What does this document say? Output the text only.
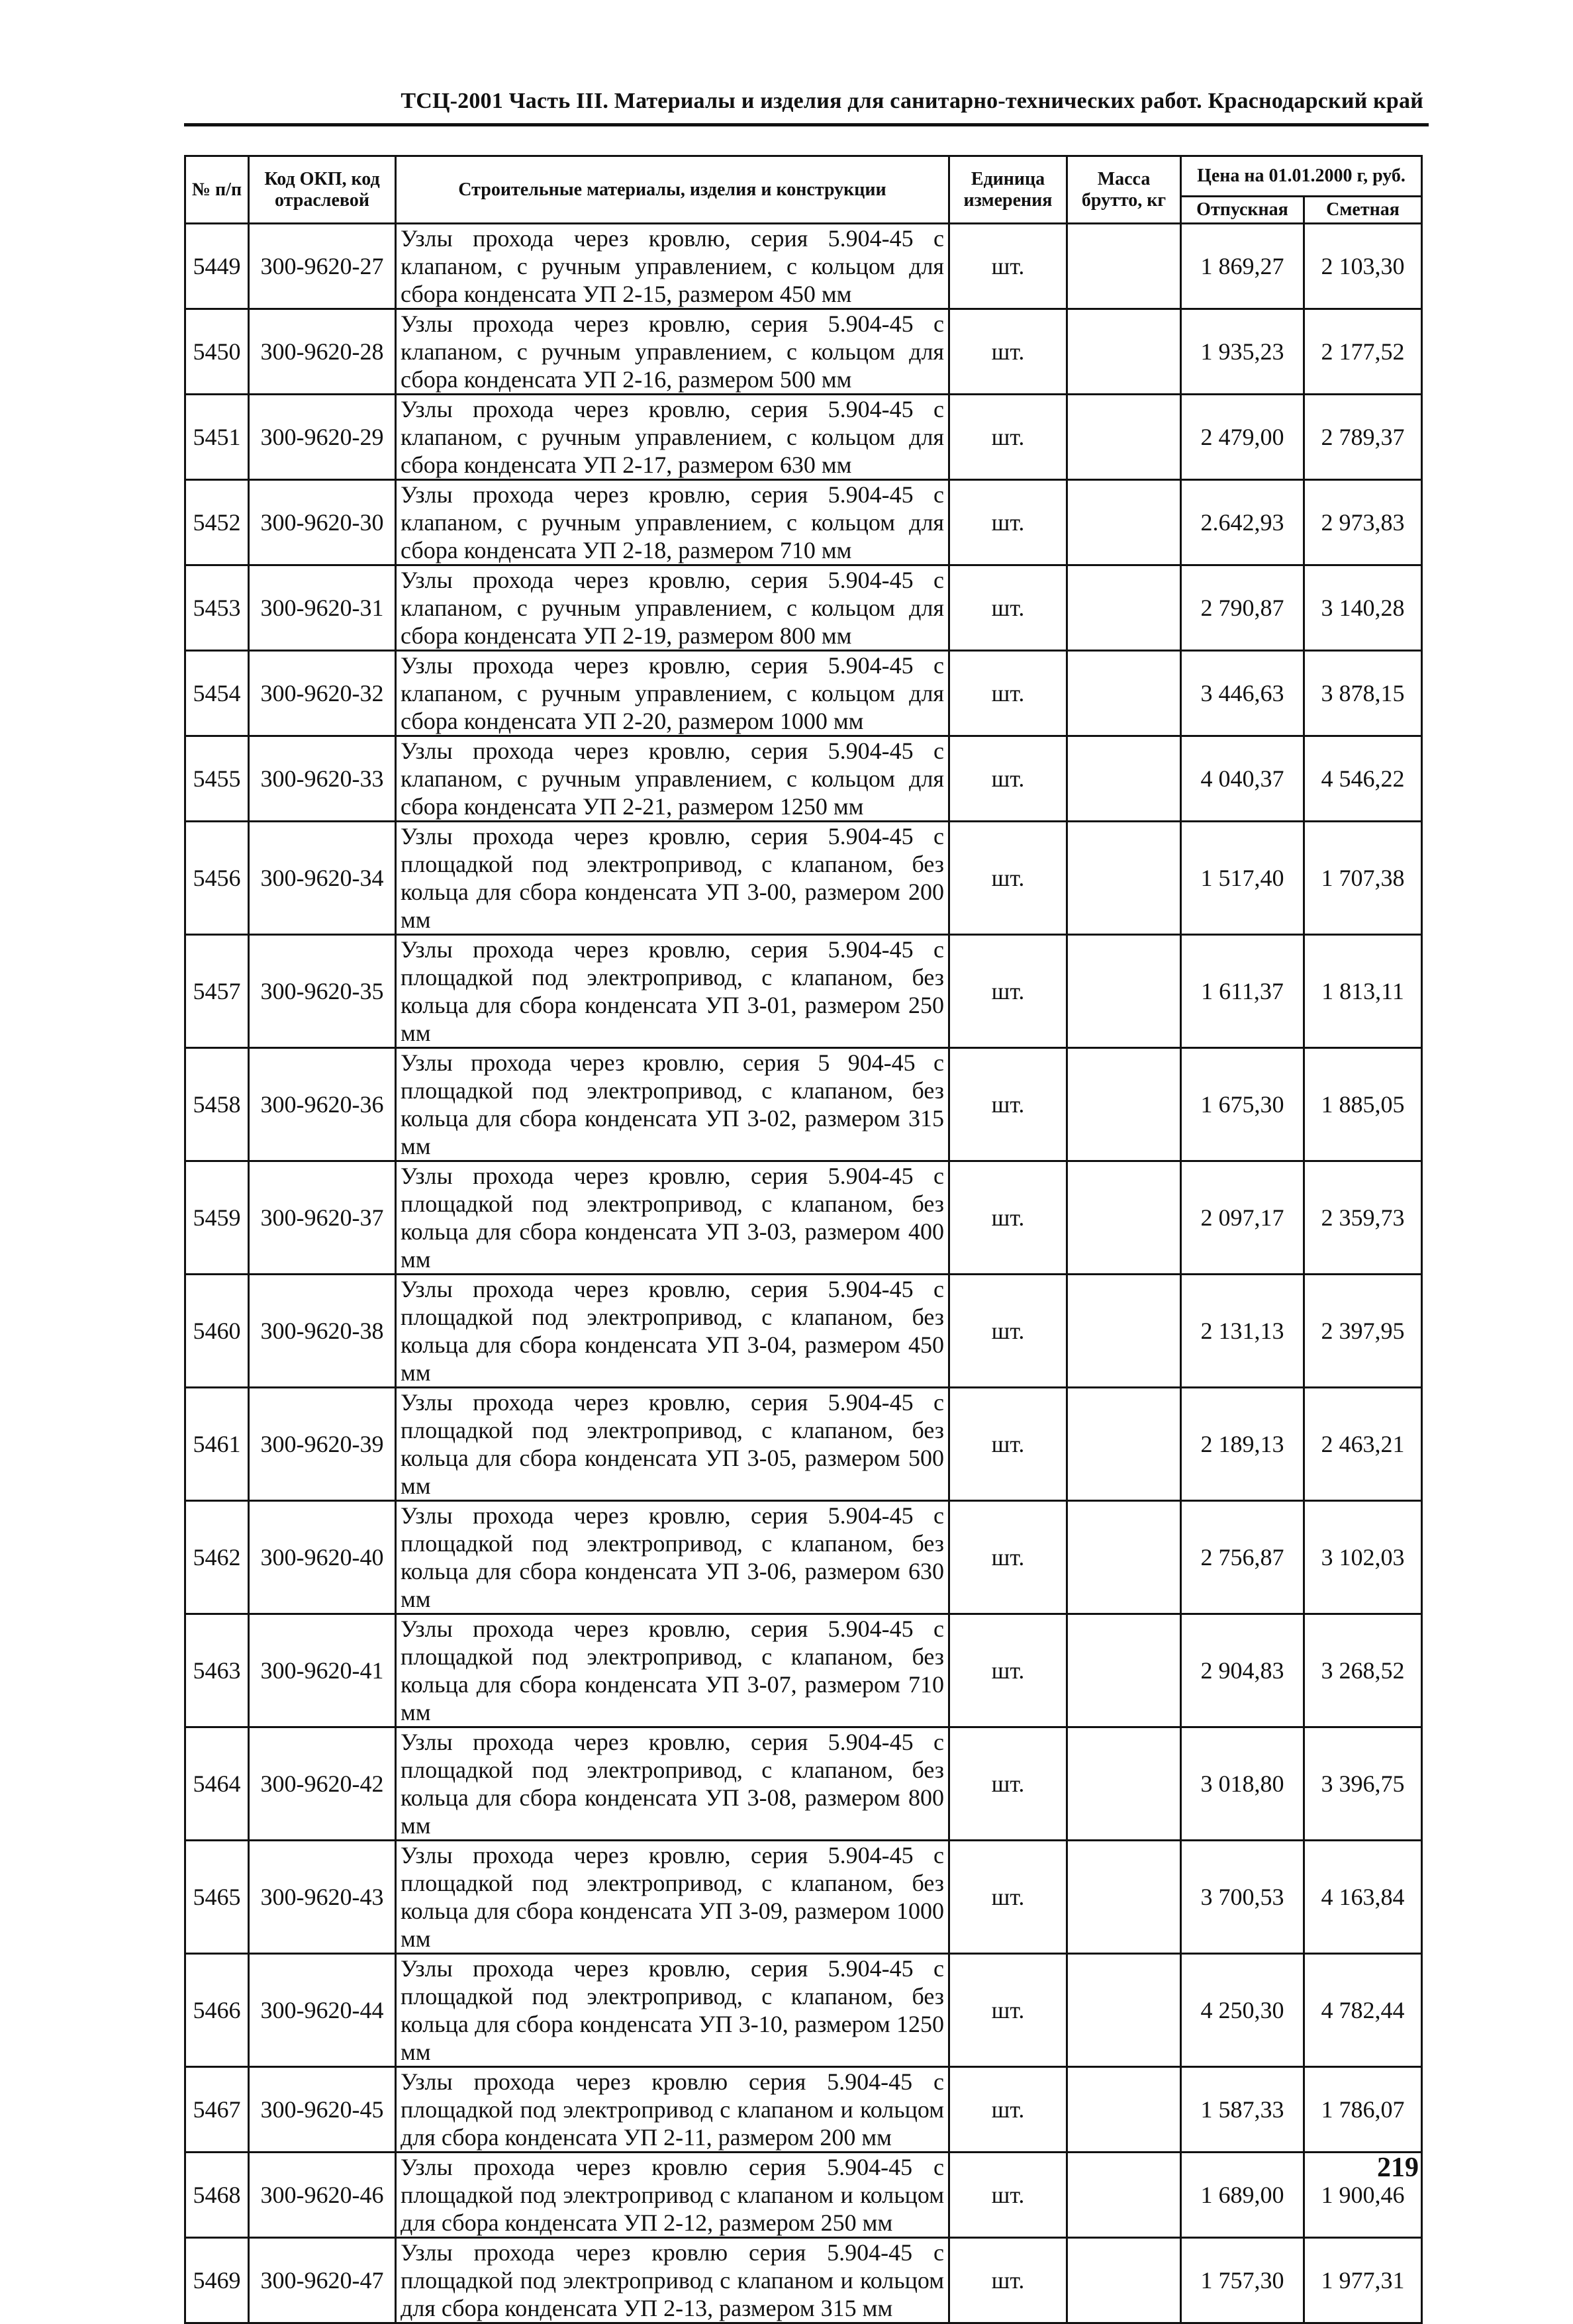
ТСЦ-2001 Часть III. Материалы и изделия для санитарно-технических работ. Краснодарский край
№ п/п	Код ОКП, код отраслевой	Строительные материалы, изделия и конструкции	Единица измерения	Масса брутто, кг	Цена на 01.01.2000 г, руб.	
					Отпускная	Сметная
5449	300-9620-27	Узлы прохода через кровлю, серия 5.904-45 с клапаном, с ручным управлением, с кольцом для сбора конденсата УП 2-15, размером 450 мм	шт.		1 869,27	2 103,30
5450	300-9620-28	Узлы прохода через кровлю, серия 5.904-45 с клапаном, с ручным управлением, с кольцом для сбора конденсата УП 2-16, размером 500 мм	шт.		1 935,23	2 177,52
5451	300-9620-29	Узлы прохода через кровлю, серия 5.904-45 с клапаном, с ручным управлением, с кольцом для сбора конденсата УП 2-17, размером 630 мм	шт.		2 479,00	2 789,37
5452	300-9620-30	Узлы прохода через кровлю, серия 5.904-45 с клапаном, с ручным управлением, с кольцом для сбора конденсата УП 2-18, размером 710 мм	шт.		2.642,93	2 973,83
5453	300-9620-31	Узлы прохода через кровлю, серия 5.904-45 с клапаном, с ручным управлением, с кольцом для сбора конденсата УП 2-19, размером 800 мм	шт.		2 790,87	3 140,28
5454	300-9620-32	Узлы прохода через кровлю, серия 5.904-45 с клапаном, с ручным управлением, с кольцом для сбора конденсата УП 2-20, размером 1000 мм	шт.		3 446,63	3 878,15
5455	300-9620-33	Узлы прохода через кровлю, серия 5.904-45 с клапаном, с ручным управлением, с кольцом для сбора конденсата УП 2-21, размером 1250 мм	шт.		4 040,37	4 546,22
5456	300-9620-34	Узлы прохода через кровлю, серия 5.904-45 с площадкой под электропривод, с клапаном, без кольца для сбора конденсата УП 3-00, размером 200 мм	шт.		1 517,40	1 707,38
5457	300-9620-35	Узлы прохода через кровлю, серия 5.904-45 с площадкой под электропривод, с клапаном, без кольца для сбора конденсата УП 3-01, размером 250 мм	шт.		1 611,37	1 813,11
5458	300-9620-36	Узлы прохода через кровлю, серия 5 904-45 с площадкой под электропривод, с клапаном, без кольца для сбора конденсата УП 3-02, размером 315 мм	шт.		1 675,30	1 885,05
5459	300-9620-37	Узлы прохода через кровлю, серия 5.904-45 с площадкой под электропривод, с клапаном, без кольца для сбора конденсата УП 3-03, размером 400 мм	шт.		2 097,17	2 359,73
5460	300-9620-38	Узлы прохода через кровлю, серия 5.904-45 с площадкой под электропривод, с клапаном, без кольца для сбора конденсата УП 3-04, размером 450 мм	шт.		2 131,13	2 397,95
5461	300-9620-39	Узлы прохода через кровлю, серия 5.904-45 с площадкой под электропривод, с клапаном, без кольца для сбора конденсата УП 3-05, размером 500 мм	шт.		2 189,13	2 463,21
5462	300-9620-40	Узлы прохода через кровлю, серия 5.904-45 с площадкой под электропривод, с клапаном, без кольца для сбора конденсата УП 3-06, размером 630 мм	шт.		2 756,87	3 102,03
5463	300-9620-41	Узлы прохода через кровлю, серия 5.904-45 с площадкой под электропривод, с клапаном, без кольца для сбора конденсата УП 3-07, размером 710 мм	шт.		2 904,83	3 268,52
5464	300-9620-42	Узлы прохода через кровлю, серия 5.904-45 с площадкой под электропривод, с клапаном, без кольца для сбора конденсата УП 3-08, размером 800 мм	шт.		3 018,80	3 396,75
5465	300-9620-43	Узлы прохода через кровлю, серия 5.904-45 с площадкой под электропривод, с клапаном, без кольца для сбора конденсата УП 3-09, размером 1000 мм	шт.		3 700,53	4 163,84
5466	300-9620-44	Узлы прохода через кровлю, серия 5.904-45 с площадкой под электропривод, с клапаном, без кольца для сбора конденсата УП 3-10, размером 1250 мм	шт.		4 250,30	4 782,44
5467	300-9620-45	Узлы прохода через кровлю серия 5.904-45 с площадкой под электропривод с клапаном и кольцом для сбора конденсата УП 2-11, размером 200 мм	шт.		1 587,33	1 786,07
5468	300-9620-46	Узлы прохода через кровлю серия 5.904-45 с площадкой под электропривод с клапаном и кольцом для сбора конденсата УП 2-12, размером 250 мм	шт.		1 689,00	1 900,46
5469	300-9620-47	Узлы прохода через кровлю серия 5.904-45 с площадкой под электропривод с клапаном и кольцом для сбора конденсата УП 2-13, размером 315 мм	шт.		1 757,30	1 977,31
219
